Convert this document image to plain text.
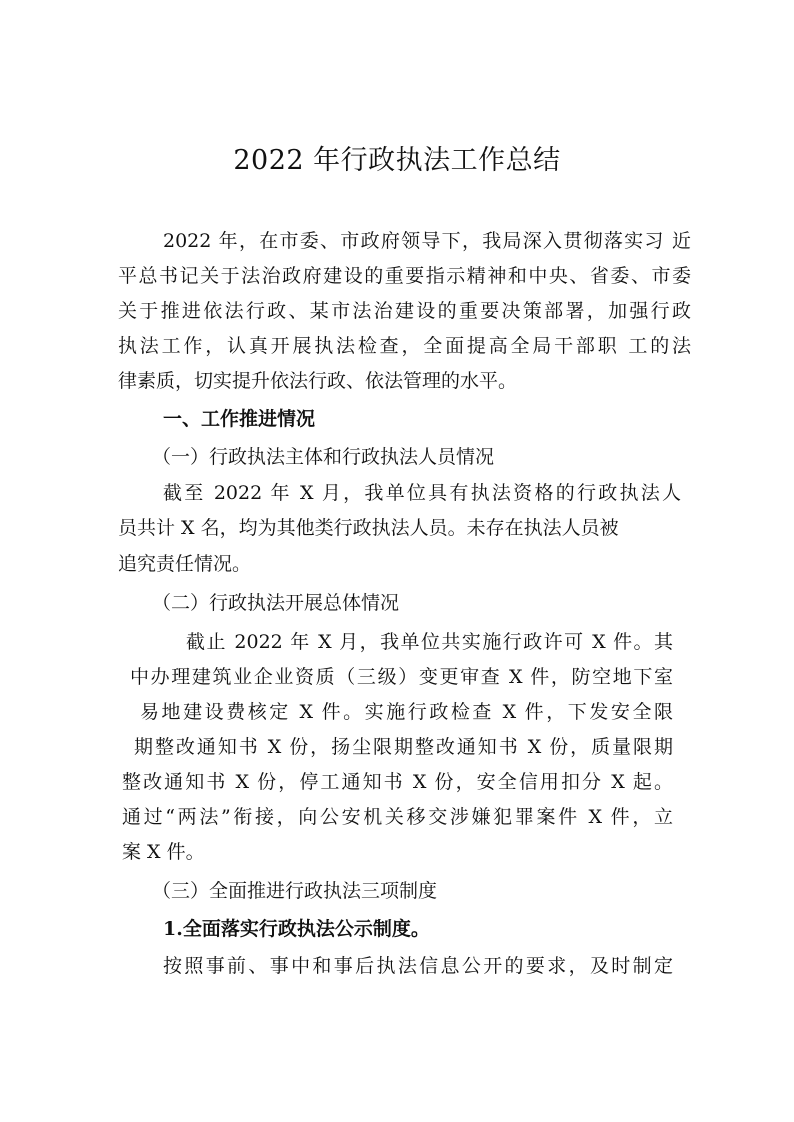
2022 年行政执法工作总结
2022 年，在市委、市政府领导下，我局深入贯彻落实习 近
平总书记关于法治政府建设的重要指示精神和中央、省委、市委
关于推进依法行政、某市法治建设的重要决策部署，加强行政
执法工作，认真开展执法检查，全面提高全局干部职 工的法
律素质，切实提升依法行政、依法管理的水平。
一、工作推进情况
（一）行政执法主体和行政执法人员情况
截至 2022 年 X 月，我单位具有执法资格的行政执法人
员共计 X 名，均为其他类行政执法人员。未存在执法人员被
追究责任情况。
（二）行政执法开展总体情况
截止 2022 年 X 月，我单位共实施行政许可 X 件。其
中办理建筑业企业资质（三级）变更审查 X 件，防空地下室
易地建设费核定 X 件。实施行政检查 X 件，下发安全限
期整改通知书 X 份，扬尘限期整改通知书 X 份，质量限期
整改通知书 X 份，停工通知书 X 份，安全信用扣分 X 起。
通过“两法”衔接，向公安机关移交涉嫌犯罪案件 X 件，立
案 X 件。
（三）全面推进行政执法三项制度
1.全面落实行政执法公示制度。
按照事前、事中和事后执法信息公开的要求，及时制定
